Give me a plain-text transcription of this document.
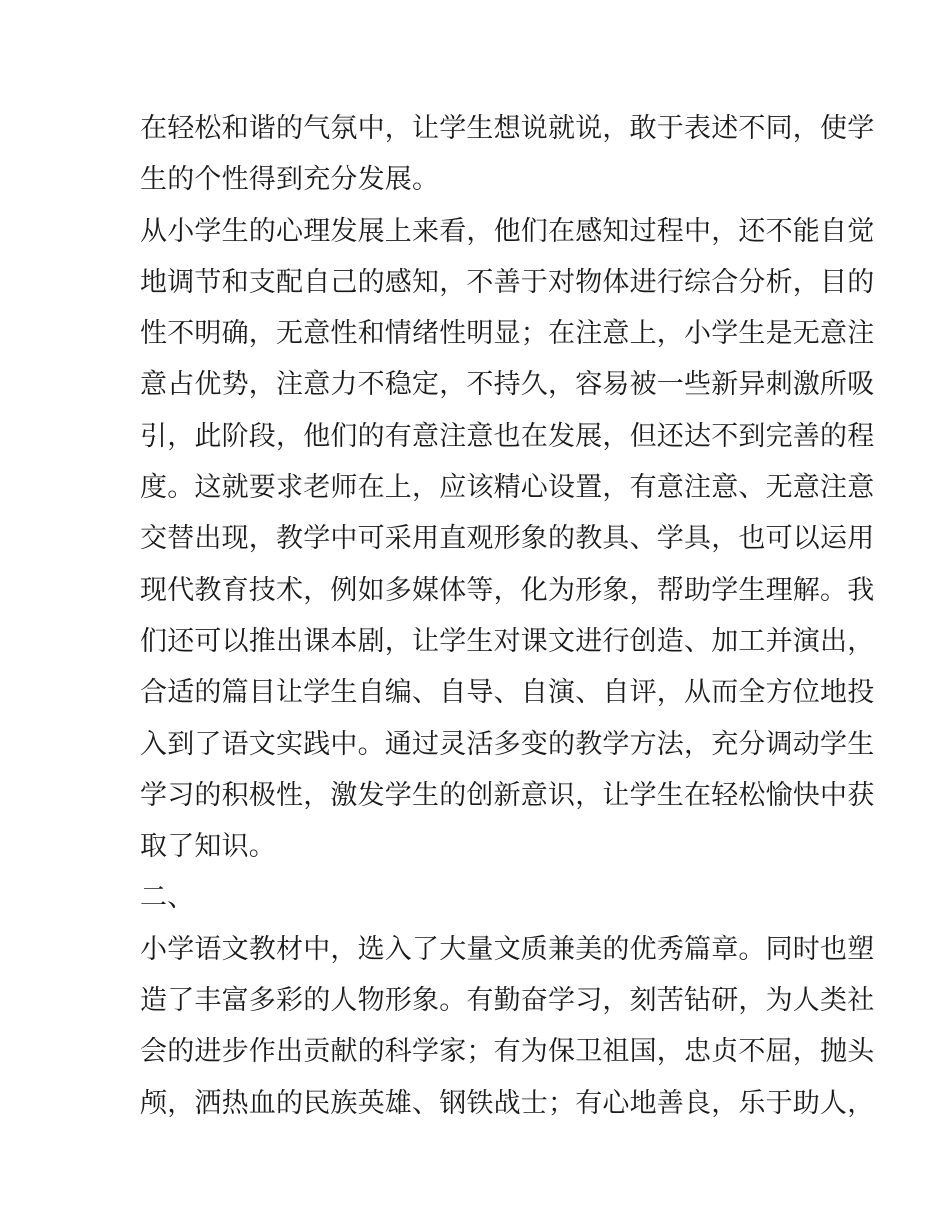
在轻松和谐的气氛中，让学生想说就说，敢于表述不同，使学
生的个性得到充分发展。
从小学生的心理发展上来看，他们在感知过程中，还不能自觉
地调节和支配自己的感知，不善于对物体进行综合分析，目的
性不明确，无意性和情绪性明显；在注意上，小学生是无意注
意占优势，注意力不稳定，不持久，容易被一些新异刺激所吸
引，此阶段，他们的有意注意也在发展，但还达不到完善的程
度。这就要求老师在上，应该精心设置，有意注意、无意注意
交替出现，教学中可采用直观形象的教具、学具，也可以运用
现代教育技术，例如多媒体等，化为形象，帮助学生理解。我
们还可以推出课本剧，让学生对课文进行创造、加工并演出，
合适的篇目让学生自编、自导、自演、自评，从而全方位地投
入到了语文实践中。通过灵活多变的教学方法，充分调动学生
学习的积极性，激发学生的创新意识，让学生在轻松愉快中获
取了知识。
二、
小学语文教材中，选入了大量文质兼美的优秀篇章。同时也塑
造了丰富多彩的人物形象。有勤奋学习，刻苦钻研，为人类社
会的进步作出贡献的科学家；有为保卫祖国，忠贞不屈，抛头
颅，洒热血的民族英雄、钢铁战士；有心地善良，乐于助人，
